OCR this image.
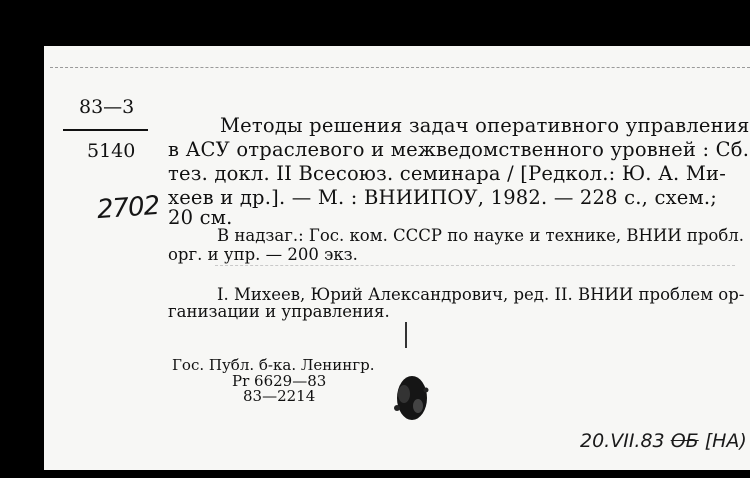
83—3
5140
2702
Методы решения задач оперативного управления
в АСУ отраслевого и межведомственного уровней : Сб.
тез. докл. II Всесоюз. семинара / [Редкол.: Ю. А. Ми-
хеев и др.]. — М. : ВНИИПОУ, 1982. — 228 с., схем.;
20 см.
В надзаг.: Гос. ком. СССР по науке и технике, ВНИИ пробл.
орг. и упр. — 200 экз.
I. Михеев, Юрий Александрович, ред. II. ВНИИ проблем ор-
ганизации и управления.
Гос. Публ. б-ка. Ленингр.
Pr 6629—83
83—2214
20.VII.83 ОБ [НА)
